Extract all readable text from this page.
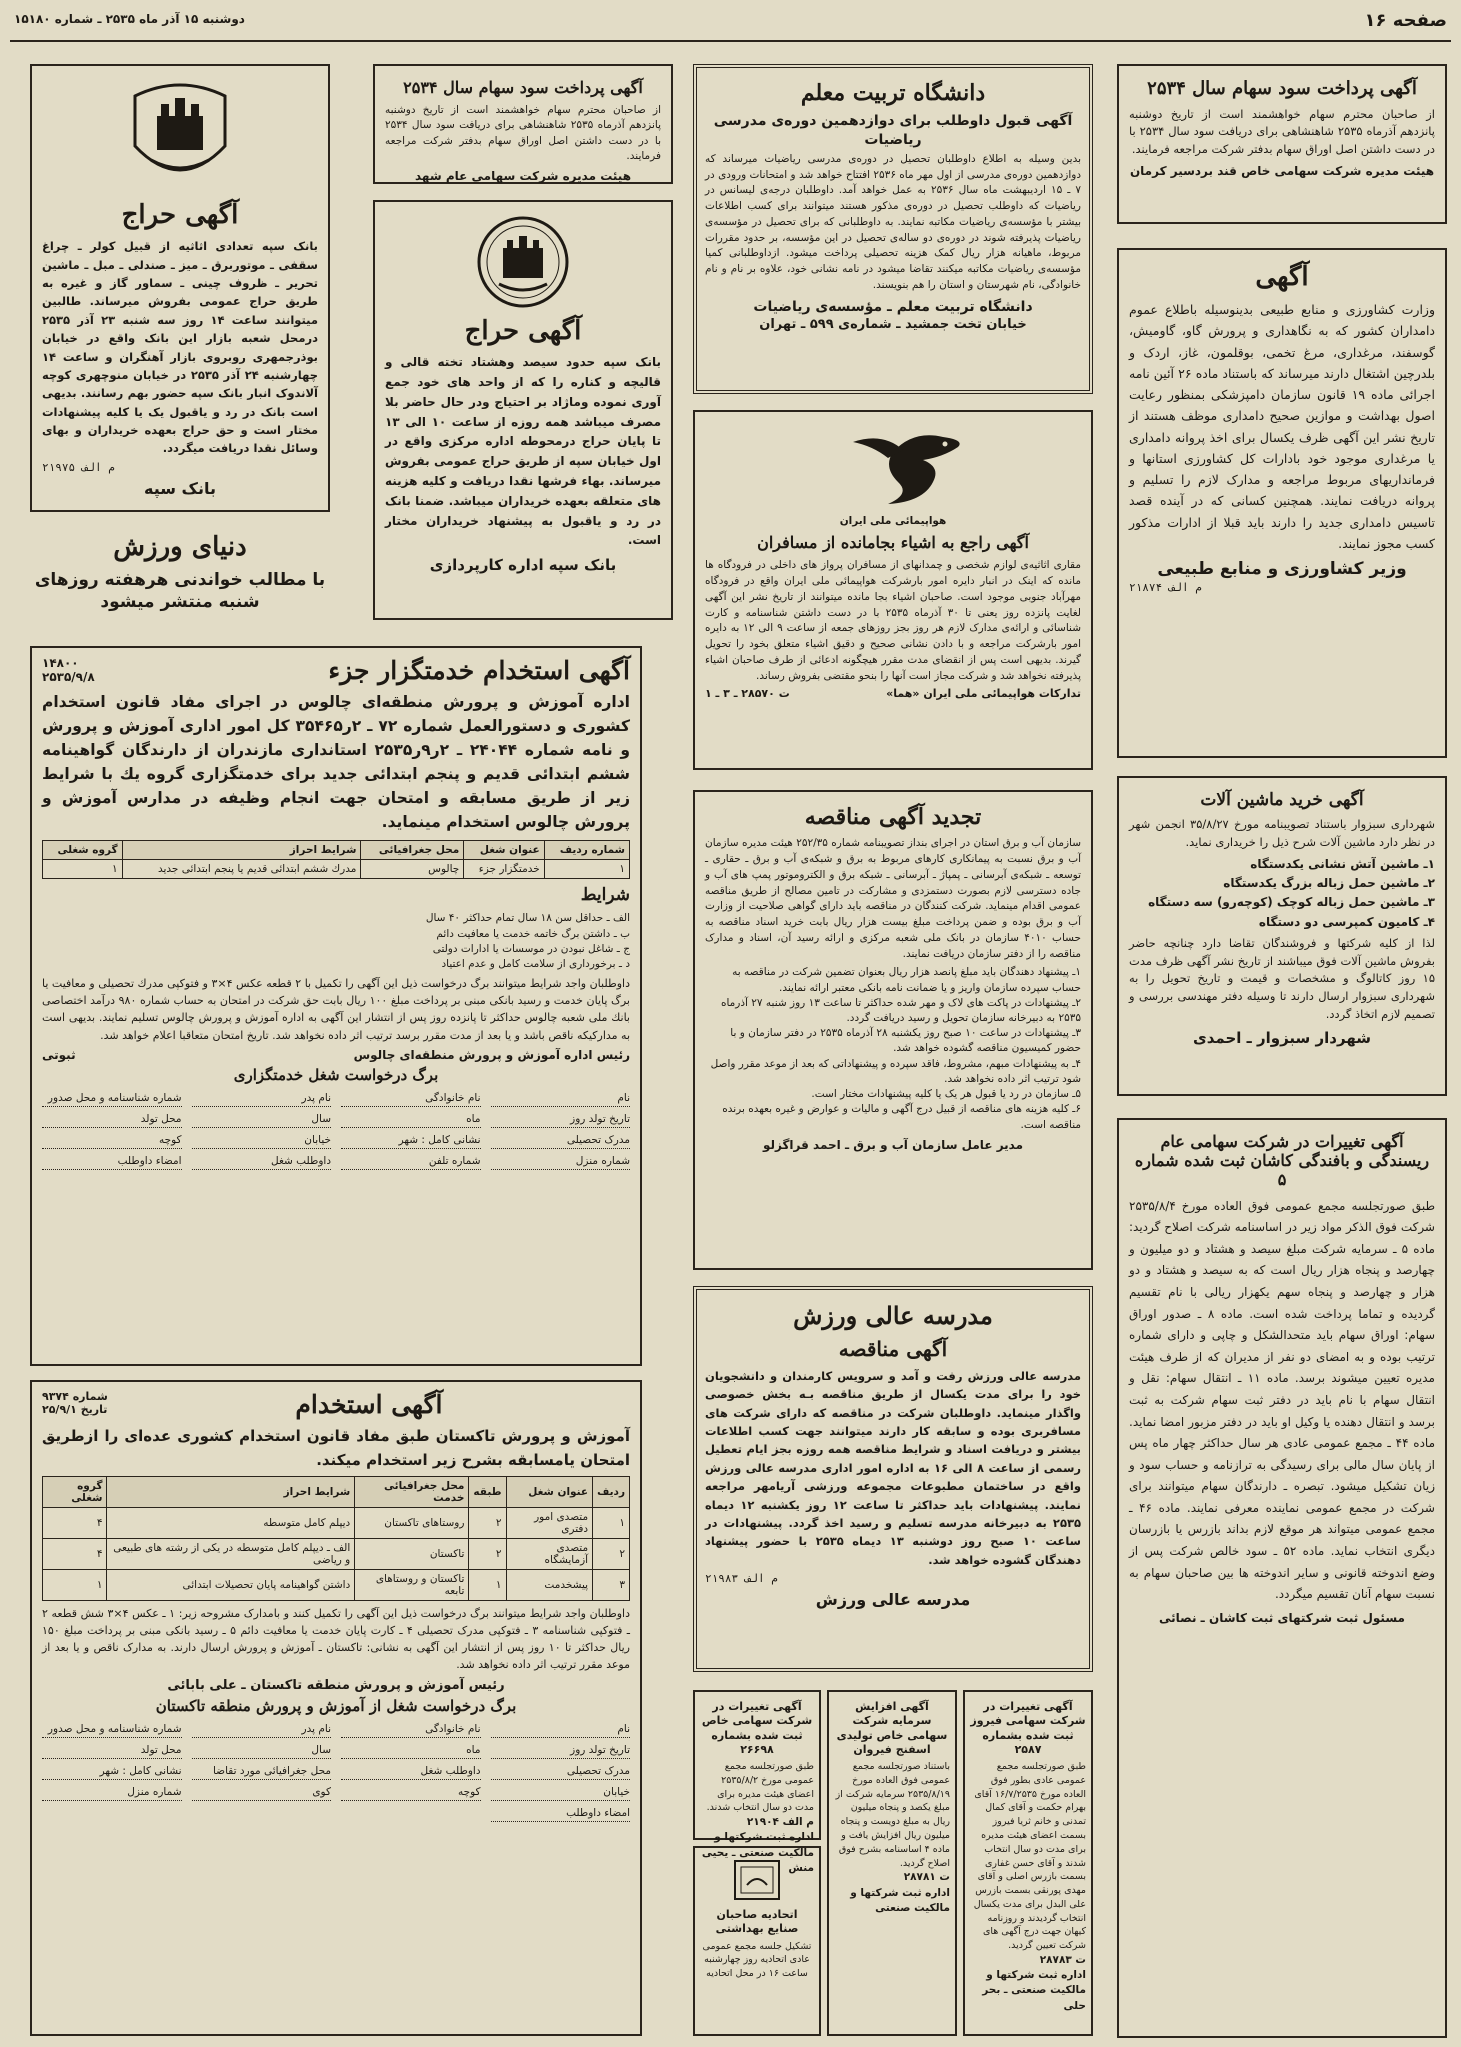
صفحه ۱۶
دوشنبه ۱۵ آذر ماه ۲۵۳۵ ـ شماره ۱۵۱۸۰
آگهی پرداخت سود سهام سال ۲۵۳۴
از صاحبان محترم سهام خواهشمند است از تاریخ دوشنبه پانزدهم آذرماه ۲۵۳۵ شاهنشاهی برای دریافت سود سال ۲۵۳۴ با در دست داشتن اصل اوراق سهام بدفتر شرکت مراجعه فرمایند.
هیئت مدیره شرکت سهامی خاص قند بردسیر کرمان
آگهی
وزارت کشاورزی و منابع طبیعی بدینوسیله باطلاع عموم دامداران کشور که به نگاهداری و پرورش گاو، گاومیش، گوسفند، مرغداری، مرغ تخمی، بوقلمون، غاز، اردک و بلدرچین اشتغال دارند میرساند که باستناد ماده ۲۶ آئین نامه اجرائی ماده ۱۹ قانون سازمان دامپزشکی بمنظور رعایت اصول بهداشت و موازین صحیح دامداری موظف هستند از تاریخ نشر این آگهی ظرف یکسال برای اخذ پروانه دامداری یا مرغداری موجود خود بادارات کل کشاورزی استانها و فرمانداریهای مربوط مراجعه و مدارک لازم را تسلیم و پروانه دریافت نمایند. همچنین کسانی که در آینده قصد تاسیس دامداری جدید را دارند باید قبلا از ادارات مذکور کسب مجوز نمایند.
وزیر کشاورزی و منابع طبیعی
م الف ۲۱۸۷۴
آگهی خرید ماشین آلات
شهرداری سبزوار باستناد تصویبنامه مورخ ۳۵/۸/۲۷ انجمن شهر در نظر دارد ماشین آلات شرح ذیل را خریداری نماید.
۱ـ ماشین آتش نشانی یکدستگاه
۲ـ ماشین حمل زباله بزرگ یکدستگاه
۳ـ ماشین حمل زباله کوچک (کوچه‌رو) سه دستگاه
۴ـ کامیون کمپرسی دو دستگاه
لذا از کلیه شرکتها و فروشندگان تقاضا دارد چنانچه حاضر بفروش ماشین آلات فوق میباشند از تاریخ نشر آگهی ظرف مدت ۱۵ روز کاتالوگ و مشخصات و قیمت و تاریخ تحویل را به شهرداری سبزوار ارسال دارند تا وسیله دفتر مهندسی بررسی و تصمیم لازم اتخاذ گردد.
شهردار سبزوار ـ احمدی
آگهی تغییرات در شرکت سهامی عام ریسندگی و بافندگی کاشان ثبت شده شماره ۵
طبق صورتجلسه مجمع عمومی فوق العاده مورخ ۲۵۳۵/۸/۴ شرکت فوق الذکر مواد زیر در اساسنامه شرکت اصلاح گردید: ماده ۵ ـ سرمایه شرکت مبلغ سیصد و هشتاد و دو میلیون و چهارصد و پنجاه هزار ریال است که به سیصد و هشتاد و دو هزار و چهارصد و پنجاه سهم یکهزار ریالی با نام تقسیم گردیده و تماما پرداخت شده است. ماده ۸ ـ صدور اوراق سهام: اوراق سهام باید متحدالشکل و چاپی و دارای شماره ترتیب بوده و به امضای دو نفر از مدیران که از طرف هیئت مدیره تعیین میشوند برسد. ماده ۱۱ ـ انتقال سهام: نقل و انتقال سهام با نام باید در دفتر ثبت سهام شرکت به ثبت برسد و انتقال دهنده یا وکیل او باید در دفتر مزبور امضا نماید. ماده ۴۴ ـ مجمع عمومی عادی هر سال حداکثر چهار ماه پس از پایان سال مالی برای رسیدگی به ترازنامه و حساب سود و زیان تشکیل میشود. تبصره ـ دارندگان سهام میتوانند برای شرکت در مجمع عمومی نماینده معرفی نمایند. ماده ۴۶ ـ مجمع عمومی میتواند هر موقع لازم بداند بازرس یا بازرسان دیگری انتخاب نماید. ماده ۵۲ ـ سود خالص شرکت پس از وضع اندوخته قانونی و سایر اندوخته ها بین صاحبان سهام به نسبت سهام آنان تقسیم میگردد.
مسئول ثبت شرکتهای ثبت کاشان ـ نصائی
دانشگاه تربیت معلم
آگهی قبول داوطلب برای دوازدهمین دوره‌ی مدرسی ریاضیات
بدین وسیله به اطلاع داوطلبان تحصیل در دوره‌ی مدرسی ریاضیات میرساند که دوازدهمین دوره‌ی مدرسی از اول مهر ماه ۲۵۳۶ افتتاح خواهد شد و امتحانات ورودی در ۷ ـ ۱۵ اردیبهشت ماه سال ۲۵۳۶ به عمل خواهد آمد. داوطلبان درجه‌ی لیسانس در ریاضیات که داوطلب تحصیل در دوره‌ی مذکور هستند میتوانند برای کسب اطلاعات بیشتر با مؤسسه‌ی ریاضیات مکاتبه نمایند. به داوطلبانی که برای تحصیل در مؤسسه‌ی ریاضیات پذیرفته شوند در دوره‌ی دو ساله‌ی تحصیل در این مؤسسه، بر حدود مقررات مربوط، ماهیانه هزار ریال کمک هزینه تحصیلی پرداخت میشود. ازداوطلبانی کمیا مؤسسه‌ی ریاضیات مکاتبه میکنند تقاضا میشود در نامه نشانی خود، علاوه بر نام و نام خانوادگی، نام شهرستان و استان را هم بنویسند.
دانشگاه تربیت معلم ـ مؤسسه‌ی ریاضیات
خیابان تخت جمشید ـ شماره‌ی ۵۹۹ ـ تهران
هواپیمائی ملی ایران
آگهی راجع به اشیاء بجامانده از مسافران
مقاری اثاثیه‌ی لوازم شخصی و چمدانهای از مسافران پرواز های داخلی در فرودگاه ها مانده که اینک در انبار دایره امور بارشرکت هواپیمائی ملی ایران واقع در فرودگاه مهرآباد جنوبی موجود است. صاحبان اشیاء بجا مانده میتوانند از تاریخ نشر این آگهی لغایت پانزده روز یعنی تا ۳۰ آذرماه ۲۵۳۵ با در دست داشتن شناسنامه و کارت شناسائی و ارائه‌ی مدارک لازم هر روز بجز روزهای جمعه از ساعت ۹ الی ۱۲ به دایره امور بارشرکت مراجعه و با دادن نشانی صحیح و دقیق اشیاء متعلق بخود را تحویل گیرند. بدیهی است پس از انقضای مدت مقرر هیچگونه ادعائی از طرف صاحبان اشیاء پذیرفته نخواهد شد و شرکت مجاز است آنها را بنحو مقتضی بفروش رساند.
تدارکات هواپیمائی ملی ایران «هما»
ت ۲۸۵۷۰ ـ ۳ ـ ۱
تجدید آگهی مناقصه
سازمان آب و برق استان در اجرای بنداز تصویبنامه شماره ۲۵۲/۳۵ هیئت مدیره سازمان آب و برق نسبت به پیمانکاری کارهای مربوط به برق و شبکه‌ی آب و برق ـ حقاری ـ توسعه ـ شبکه‌ی آبرسانی ـ پمپاژ ـ آبرسانی ـ شبکه برق و الکتروموتور پمپ های آب و جاده دسترسی لازم بصورت دستمزدی و مشارکت در تامین مصالح از طریق مناقصه عمومی اقدام مینماید. شرکت کنندگان در مناقصه باید دارای گواهی صلاحیت از وزارت آب و برق بوده و ضمن پرداخت مبلغ بیست هزار ریال بابت خرید اسناد مناقصه به حساب ۴۰۱۰ سازمان در بانک ملی شعبه مرکزی و ارائه رسید آن، اسناد و مدارک مناقصه را از دفتر سازمان دریافت نمایند.
۱ـ پیشنهاد دهندگان باید مبلغ پانصد هزار ریال بعنوان تضمین شرکت در مناقصه به حساب سپرده سازمان واریز و یا ضمانت نامه بانکی معتبر ارائه نمایند.
۲ـ پیشنهادات در پاکت های لاک و مهر شده حداکثر تا ساعت ۱۳ روز شنبه ۲۷ آذرماه ۲۵۳۵ به دبیرخانه سازمان تحویل و رسید دریافت گردد.
۳ـ پیشنهادات در ساعت ۱۰ صبح روز یکشنبه ۲۸ آذرماه ۲۵۳۵ در دفتر سازمان و با حضور کمیسیون مناقصه گشوده خواهد شد.
۴ـ به پیشنهادات مبهم، مشروط، فاقد سپرده و پیشنهاداتی که بعد از موعد مقرر واصل شود ترتیب اثر داده نخواهد شد.
۵ـ سازمان در رد یا قبول هر یک یا کلیه پیشنهادات مختار است.
۶ـ کلیه هزینه های مناقصه از قبیل درج آگهی و مالیات و عوارض و غیره بعهده برنده مناقصه است.
مدیر عامل سازمان آب و برق ـ احمد قراگزلو
مدرسه عالی ورزش
آگهی مناقصه
مدرسه عالی ورزش رفت و آمد و سرویس کارمندان و دانشجویان خود را برای مدت یکسال از طریق مناقصه بـه بخش خصوصی واگذار مینماید. داوطلبان شرکت در مناقصه که دارای شرکت های مسافربری بوده و سابقه کار دارند میتوانند جهت کسب اطلاعات بیشتر و دریافت اسناد و شرایط مناقصه همه روزه بجز ایام تعطیل رسمی از ساعت ۸ الی ۱۶ به اداره امور اداری مدرسه عالی ورزش واقع در ساختمان مطبوعات مجموعه ورزشی آریامهر مراجعه نمایند. پیشنهادات باید حداکثر تا ساعت ۱۲ روز یکشنبه ۱۲ دیماه ۲۵۳۵ به دبیرخانه مدرسه تسلیم و رسید اخذ گردد. پیشنهادات در ساعت ۱۰ صبح روز دوشنبه ۱۳ دیماه ۲۵۳۵ با حضور پیشنهاد دهندگان گشوده خواهد شد.
م الف ۲۱۹۸۳
مدرسه عالی ورزش
آگهی تغییرات در شرکت سهامی فیروز ثبت شده بشماره ۲۵۸۷
طبق صورتجلسه مجمع عمومی عادی بطور فوق العاده مورخ ۱۶/۷/۲۵۳۵ آقای بهرام حکمت و آقای کمال تمدنی و خانم ثریا فیروز بسمت اعضای هیئت مدیره برای مدت دو سال انتخاب شدند و آقای حسن غفاری بسمت بازرس اصلی و آقای مهدی پورنقی بسمت بازرس علی البدل برای مدت یکسال انتخاب گردیدند و روزنامه کیهان جهت درج آگهی های شرکت تعیین گردید.
ت ۲۸۷۸۳
اداره ثبت شرکتها و مالکیت صنعتی ـ بحر حلی
آگهی افزایش سرمایه شرکت سهامی خاص تولیدی اسفنج فیروان
باستناد صورتجلسه مجمع عمومی فوق العاده مورخ ۲۵۳۵/۸/۱۹ سرمایه شرکت از مبلغ یکصد و پنجاه میلیون ریال به مبلغ دویست و پنجاه میلیون ریال افزایش یافت و ماده ۴ اساسنامه بشرح فوق اصلاح گردید.
ت ۲۸۷۸۱
اداره ثبت شرکتها و مالکیت صنعتی
آگهی تغییرات در شرکت سهامی خاص ثبت شده بشماره ۲۶۶۹۸
طبق صورتجلسه مجمع عمومی مورخ ۲۵۳۵/۸/۲ اعضای هیئت مدیره برای مدت دو سال انتخاب شدند.
م الف ۲۱۹۰۴
اداره ثبت شرکتها و مالکیت صنعتی ـ یحیی منش
اتحادیه صاحبان صنایع بهداشتی
تشکیل جلسه مجمع عمومی عادی اتحادیه روز چهارشنبه ساعت ۱۶ در محل اتحادیه
آگهی پرداخت سود سهام سال ۲۵۳۴
از صاحبان محترم سهام خواهشمند است از تاریخ دوشنبه پانزدهم آذرماه ۲۵۳۵ شاهنشاهی برای دریافت سود سال ۲۵۳۴ با در دست داشتن اصل اوراق سهام بدفتر شرکت مراجعه فرمایند.
هیئت مدیره شرکت سهامی عام شهد
آگهی حراج
بانک سپه حدود سیصد وهشتاد تخته قالی و قالیچه و کناره را که از واحد های خود جمع آوری نموده وماژاد بر احتیاج ودر حال حاضر بلا مصرف میباشد همه روزه از ساعت ۱۰ الی ۱۳ تا پایان حراج درمحوطه اداره مرکزی واقع در اول خیابان سپه از طریق حراج عمومی بفروش میرساند. بهاء فرشها نقدا دریافت و کلیه هزینه های متعلقه بعهده خریداران میباشد. ضمنا بانک در رد و یاقبول به پیشنهاد خریداران مختار است.
بانک سپه اداره کارپردازی
آگهی حراج
بانک سپه تعدادی اثاثیه از قبیل کولر ـ چراغ سقفی ـ موتوربرق ـ میز ـ صندلی ـ مبل ـ ماشین تحریر ـ ظروف چینی ـ سماور گاز و غیره به طریق حراج عمومی بفروش میرساند. طالبین میتوانند ساعت ۱۴ روز سه شنبه ۲۳ آذر ۲۵۳۵ درمحل شعبه بازار این بانک واقع در خیابان بوذرجمهری روبروی بازار آهنگران و ساعت ۱۴ چهارشنبه ۲۴ آذر ۲۵۳۵ در خیابان منوچهری کوچه آلاندوک انبار بانک سپه حضور بهم رسانند. بدیهی است بانک در رد و یاقبول یک یا کلیه پیشنهادات مختار است و حق حراج بعهده خریداران و بهای وسائل نقدا دریافت میگردد.
م الف ۲۱۹۷۵
بانک سپه
دنیای ورزش
با مطالب خواندنی هرهفته روزهای شنبه منتشر میشود
آگهی استخدام خدمتگزار جزء
۱۴۸۰۰
۲۵۳۵/۹/۸
اداره آموزش و پرورش منطقه‌ای چالوس در اجرای مفاد قانون استخدام کشوری و دستورالعمل شماره ۷۲ ـ ۲ر۳۵۴۶۵ کل امور اداری آموزش و پرورش و نامه شماره ۲۴۰۴۴ ـ ۲ر۹ر۲۵۳۵ استانداری مازندران از دارندگان گواهینامه ششم ابتدائی قدیم و پنجم ابتدائی جدید برای خدمتگزاری گروه یك با شرایط زیر از طریق مسابقه و امتحان جهت انجام وظیفه در مدارس آموزش و پرورش چالوس استخدام مینماید.
شماره ردیف	عنوان شغل	محل جغرافیائی	شرایط احراز	گروه شغلی
۱	خدمتگزار جزء	چالوس	مدرك ششم ابتدائی قدیم یا پنجم ابتدائی جدید	۱
شرایط
الف ـ حداقل سن ۱۸ سال تمام حداکثر ۴۰ سال
ب ـ داشتن برگ خاتمه خدمت یا معافیت دائم
ج ـ شاغل نبودن در موسسات یا ادارات دولتی
د ـ برخورداری از سلامت کامل و عدم اعتیاد
داوطلبان واجد شرایط میتوانند برگ درخواست ذیل این آگهی را تکمیل با ۲ قطعه عکس ۴×۳ و فتوکپی مدرك تحصیلی و معافیت یا برگ پایان خدمت و رسید بانکی مبنی بر پرداخت مبلغ ۱۰۰ ریال بابت حق شرکت در امتحان به حساب شماره ۹۸۰ درآمد اختصاصی بانك ملی شعبه چالوس حداکثر تا پانزده روز پس از انتشار این آگهی به اداره آموزش و پرورش چالوس تسلیم نمایند. بدیهی است به مدارکیکه ناقص باشد و یا بعد از مدت مقرر برسد ترتیب اثر داده نخواهد شد. تاریخ امتحان متعاقبا اعلام خواهد شد.
رئیس اداره آموزش و پرورش منطقه‌ای چالوس
ثبوتی
برگ درخواست شغل خدمتگزاری
نام
نام خانوادگی
نام پدر
شماره شناسنامه و محل صدور
تاریخ تولد روز
ماه
سال
محل تولد
مدرک تحصیلی
نشانی کامل : شهر
خیابان
کوچه
شماره منزل
شماره تلفن
داوطلب شغل
امضاء داوطلب
آگهی استخدام
شماره ۹۳۷۴
تاریخ ۲۵/۹/۱
آموزش و پرورش تاکستان طبق مفاد قانون استخدام کشوری عده‌ای را ازطریق امتحان یامسابقه بشرح زیر استخدام میکند.
ردیف	عنوان شغل	طبقه	محل جغرافیائی خدمت	شرایط احراز	گروه شغلی
۱	متصدی امور دفتری	۲	روستاهای تاکستان	دیپلم کامل متوسطه	۴
۲	متصدی آزمایشگاه	۲	تاکستان	الف ـ دیپلم کامل متوسطه در یکی از رشته های طبیعی و ریاضی	۴
۳	پیشخدمت	۱	تاکستان و روستاهای تابعه	داشتن گواهینامه پایان تحصیلات ابتدائی	۱
داوطلبان واجد شرایط میتوانند برگ درخواست ذیل این آگهی را تکمیل کنند و بامدارک مشروحه زیر: ۱ ـ عکس ۴×۳ شش قطعه ۲ ـ فتوکپی شناسنامه ۳ ـ فتوکپی مدرک تحصیلی ۴ ـ کارت پایان خدمت یا معافیت دائم ۵ ـ رسید بانکی مبنی بر پرداخت مبلغ ۱۵۰ ریال حداکثر تا ۱۰ روز پس از انتشار این آگهی به نشانی: تاکستان ـ آموزش و پرورش ارسال دارند. به مدارک ناقص و یا بعد از موعد مقرر ترتیب اثر داده نخواهد شد.
رئیس آموزش و پرورش منطقه تاکستان ـ علی بابائی
برگ درخواست شغل از آموزش و پرورش منطقه تاکستان
نام
نام خانوادگی
نام پدر
شماره شناسنامه و محل صدور
تاریخ تولد روز
ماه
سال
محل تولد
مدرک تحصیلی
داوطلب شغل
محل جغرافیائی مورد تقاضا
نشانی کامل : شهر
خیابان
کوچه
کوی
شماره منزل
امضاء داوطلب
